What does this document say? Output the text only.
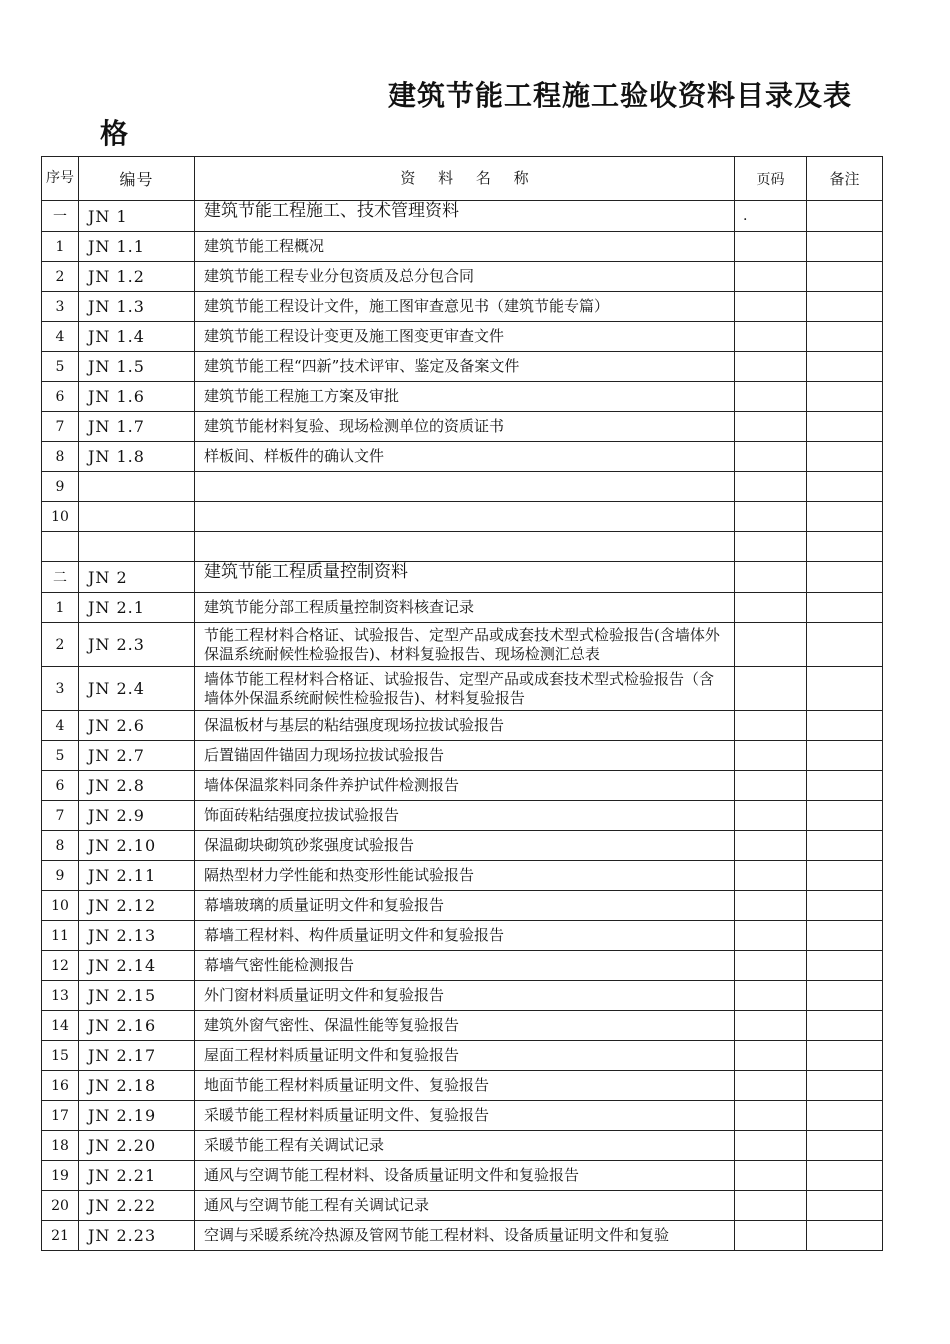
建筑节能工程施工验收资料目录及表
格
序号	编号	资 料 名 称	页码	备注
一	JN 1	建筑节能工程施工、技术管理资料	.	
1	JN 1.1	建筑节能工程概况		
2	JN 1.2	建筑节能工程专业分包资质及总分包合同		
3	JN 1.3	建筑节能工程设计文件，施工图审查意见书（建筑节能专篇）		
4	JN 1.4	建筑节能工程设计变更及施工图变更审查文件		
5	JN 1.5	建筑节能工程“四新”技术评审、鉴定及备案文件		
6	JN 1.6	建筑节能工程施工方案及审批		
7	JN 1.7	建筑节能材料复验、现场检测单位的资质证书		
8	JN 1.8	样板间、样板件的确认文件		
9				
10				

二	JN 2	建筑节能工程质量控制资料		
1	JN 2.1	建筑节能分部工程质量控制资料核查记录		
2	JN 2.3	节能工程材料合格证、试验报告、定型产品或成套技术型式检验报告(含墙体外保温系统耐候性检验报告)、材料复验报告、现场检测汇总表		
3	JN 2.4	墙体节能工程材料合格证、试验报告、定型产品或成套技术型式检验报告（含墙体外保温系统耐候性检验报告)、材料复验报告		
4	JN 2.6	保温板材与基层的粘结强度现场拉拔试验报告		
5	JN 2.7	后置锚固件锚固力现场拉拔试验报告		
6	JN 2.8	墙体保温浆料同条件养护试件检测报告		
7	JN 2.9	饰面砖粘结强度拉拔试验报告		
8	JN 2.10	保温砌块砌筑砂浆强度试验报告		
9	JN 2.11	隔热型材力学性能和热变形性能试验报告		
10	JN 2.12	幕墙玻璃的质量证明文件和复验报告		
11	JN 2.13	幕墙工程材料、构件质量证明文件和复验报告		
12	JN 2.14	幕墙气密性能检测报告		
13	JN 2.15	外门窗材料质量证明文件和复验报告		
14	JN 2.16	建筑外窗气密性、保温性能等复验报告		
15	JN 2.17	屋面工程材料质量证明文件和复验报告		
16	JN 2.18	地面节能工程材料质量证明文件、复验报告		
17	JN 2.19	采暖节能工程材料质量证明文件、复验报告		
18	JN 2.20	采暖节能工程有关调试记录		
19	JN 2.21	通风与空调节能工程材料、设备质量证明文件和复验报告		
20	JN 2.22	通风与空调节能工程有关调试记录		
21	JN 2.23	空调与采暖系统冷热源及管网节能工程材料、设备质量证明文件和复验		
